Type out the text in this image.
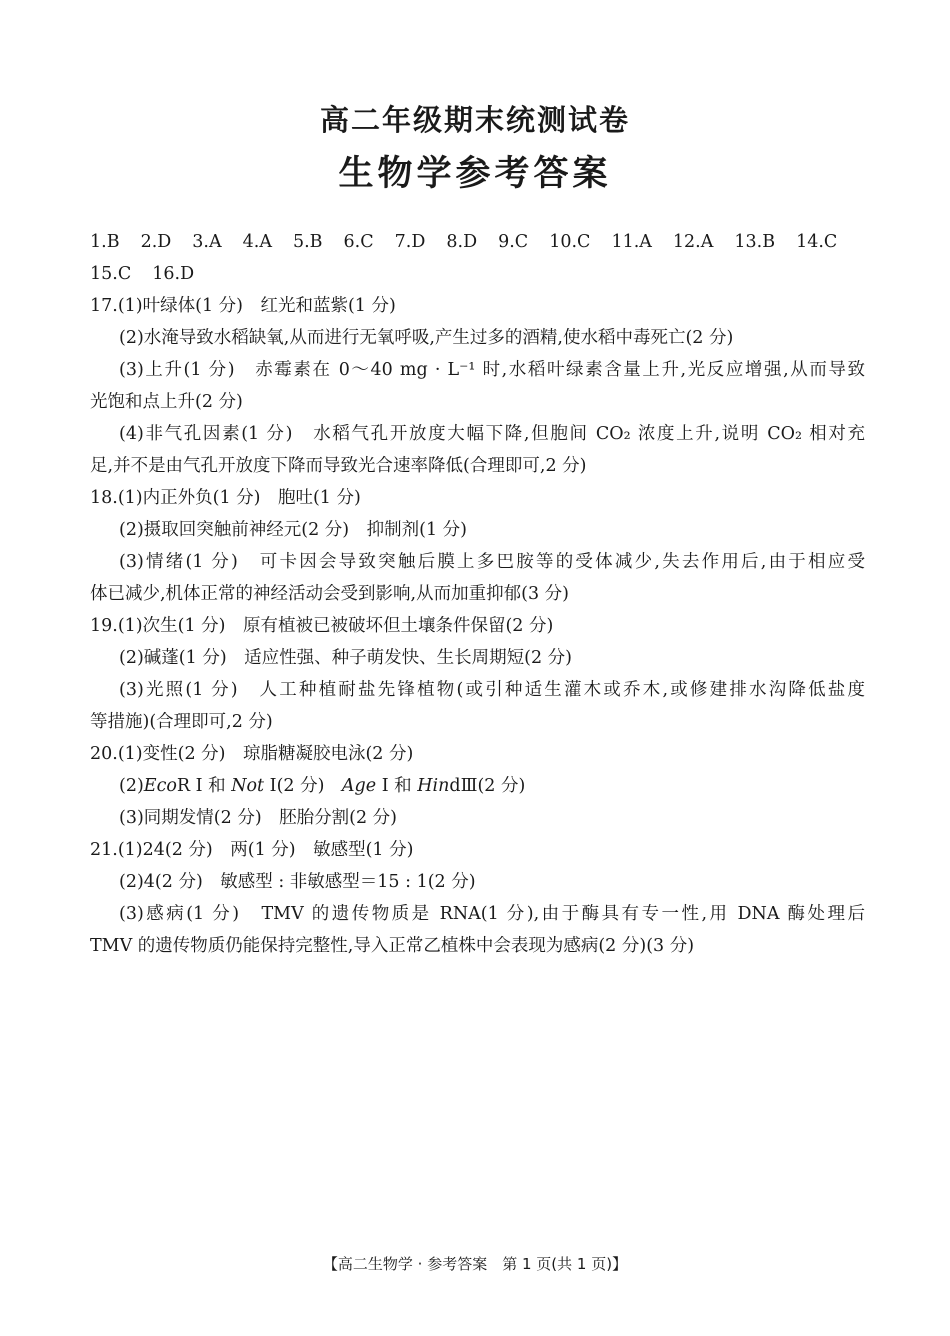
高二年级期末统测试卷
生物学参考答案
1.B 2.D 3.A 4.A 5.B 6.C 7.D 8.D 9.C 10.C 11.A 12.A 13.B 14.C
15.C 16.D
17.(1)叶绿体(1 分)　红光和蓝紫(1 分)
(2)水淹导致水稻缺氧,从而进行无氧呼吸,产生过多的酒精,使水稻中毒死亡(2 分)
(3)上升(1 分)　赤霉素在 0～40 mg · L⁻¹ 时,水稻叶绿素含量上升,光反应增强,从而导致
光饱和点上升(2 分)
(4)非气孔因素(1 分)　水稻气孔开放度大幅下降,但胞间 CO₂ 浓度上升,说明 CO₂ 相对充
足,并不是由气孔开放度下降而导致光合速率降低(合理即可,2 分)
18.(1)内正外负(1 分)　胞吐(1 分)
(2)摄取回突触前神经元(2 分)　抑制剂(1 分)
(3)情绪(1 分)　可卡因会导致突触后膜上多巴胺等的受体减少,失去作用后,由于相应受
体已减少,机体正常的神经活动会受到影响,从而加重抑郁(3 分)
19.(1)次生(1 分)　原有植被已被破坏但土壤条件保留(2 分)
(2)碱蓬(1 分)　适应性强、种子萌发快、生长周期短(2 分)
(3)光照(1 分)　人工种植耐盐先锋植物(或引种适生灌木或乔木,或修建排水沟降低盐度
等措施)(合理即可,2 分)
20.(1)变性(2 分)　琼脂糖凝胶电泳(2 分)
(2)EcoR Ⅰ 和 Not Ⅰ(2 分)　Age Ⅰ 和 HindⅢ(2 分)
(3)同期发情(2 分)　胚胎分割(2 分)
21.(1)24(2 分)　两(1 分)　敏感型(1 分)
(2)4(2 分)　敏感型 : 非敏感型＝15 : 1(2 分)
(3)感病(1 分)　TMV 的遗传物质是 RNA(1 分),由于酶具有专一性,用 DNA 酶处理后
TMV 的遗传物质仍能保持完整性,导入正常乙植株中会表现为感病(2 分)(3 分)
【高二生物学 · 参考答案　第 1 页(共 1 页)】
